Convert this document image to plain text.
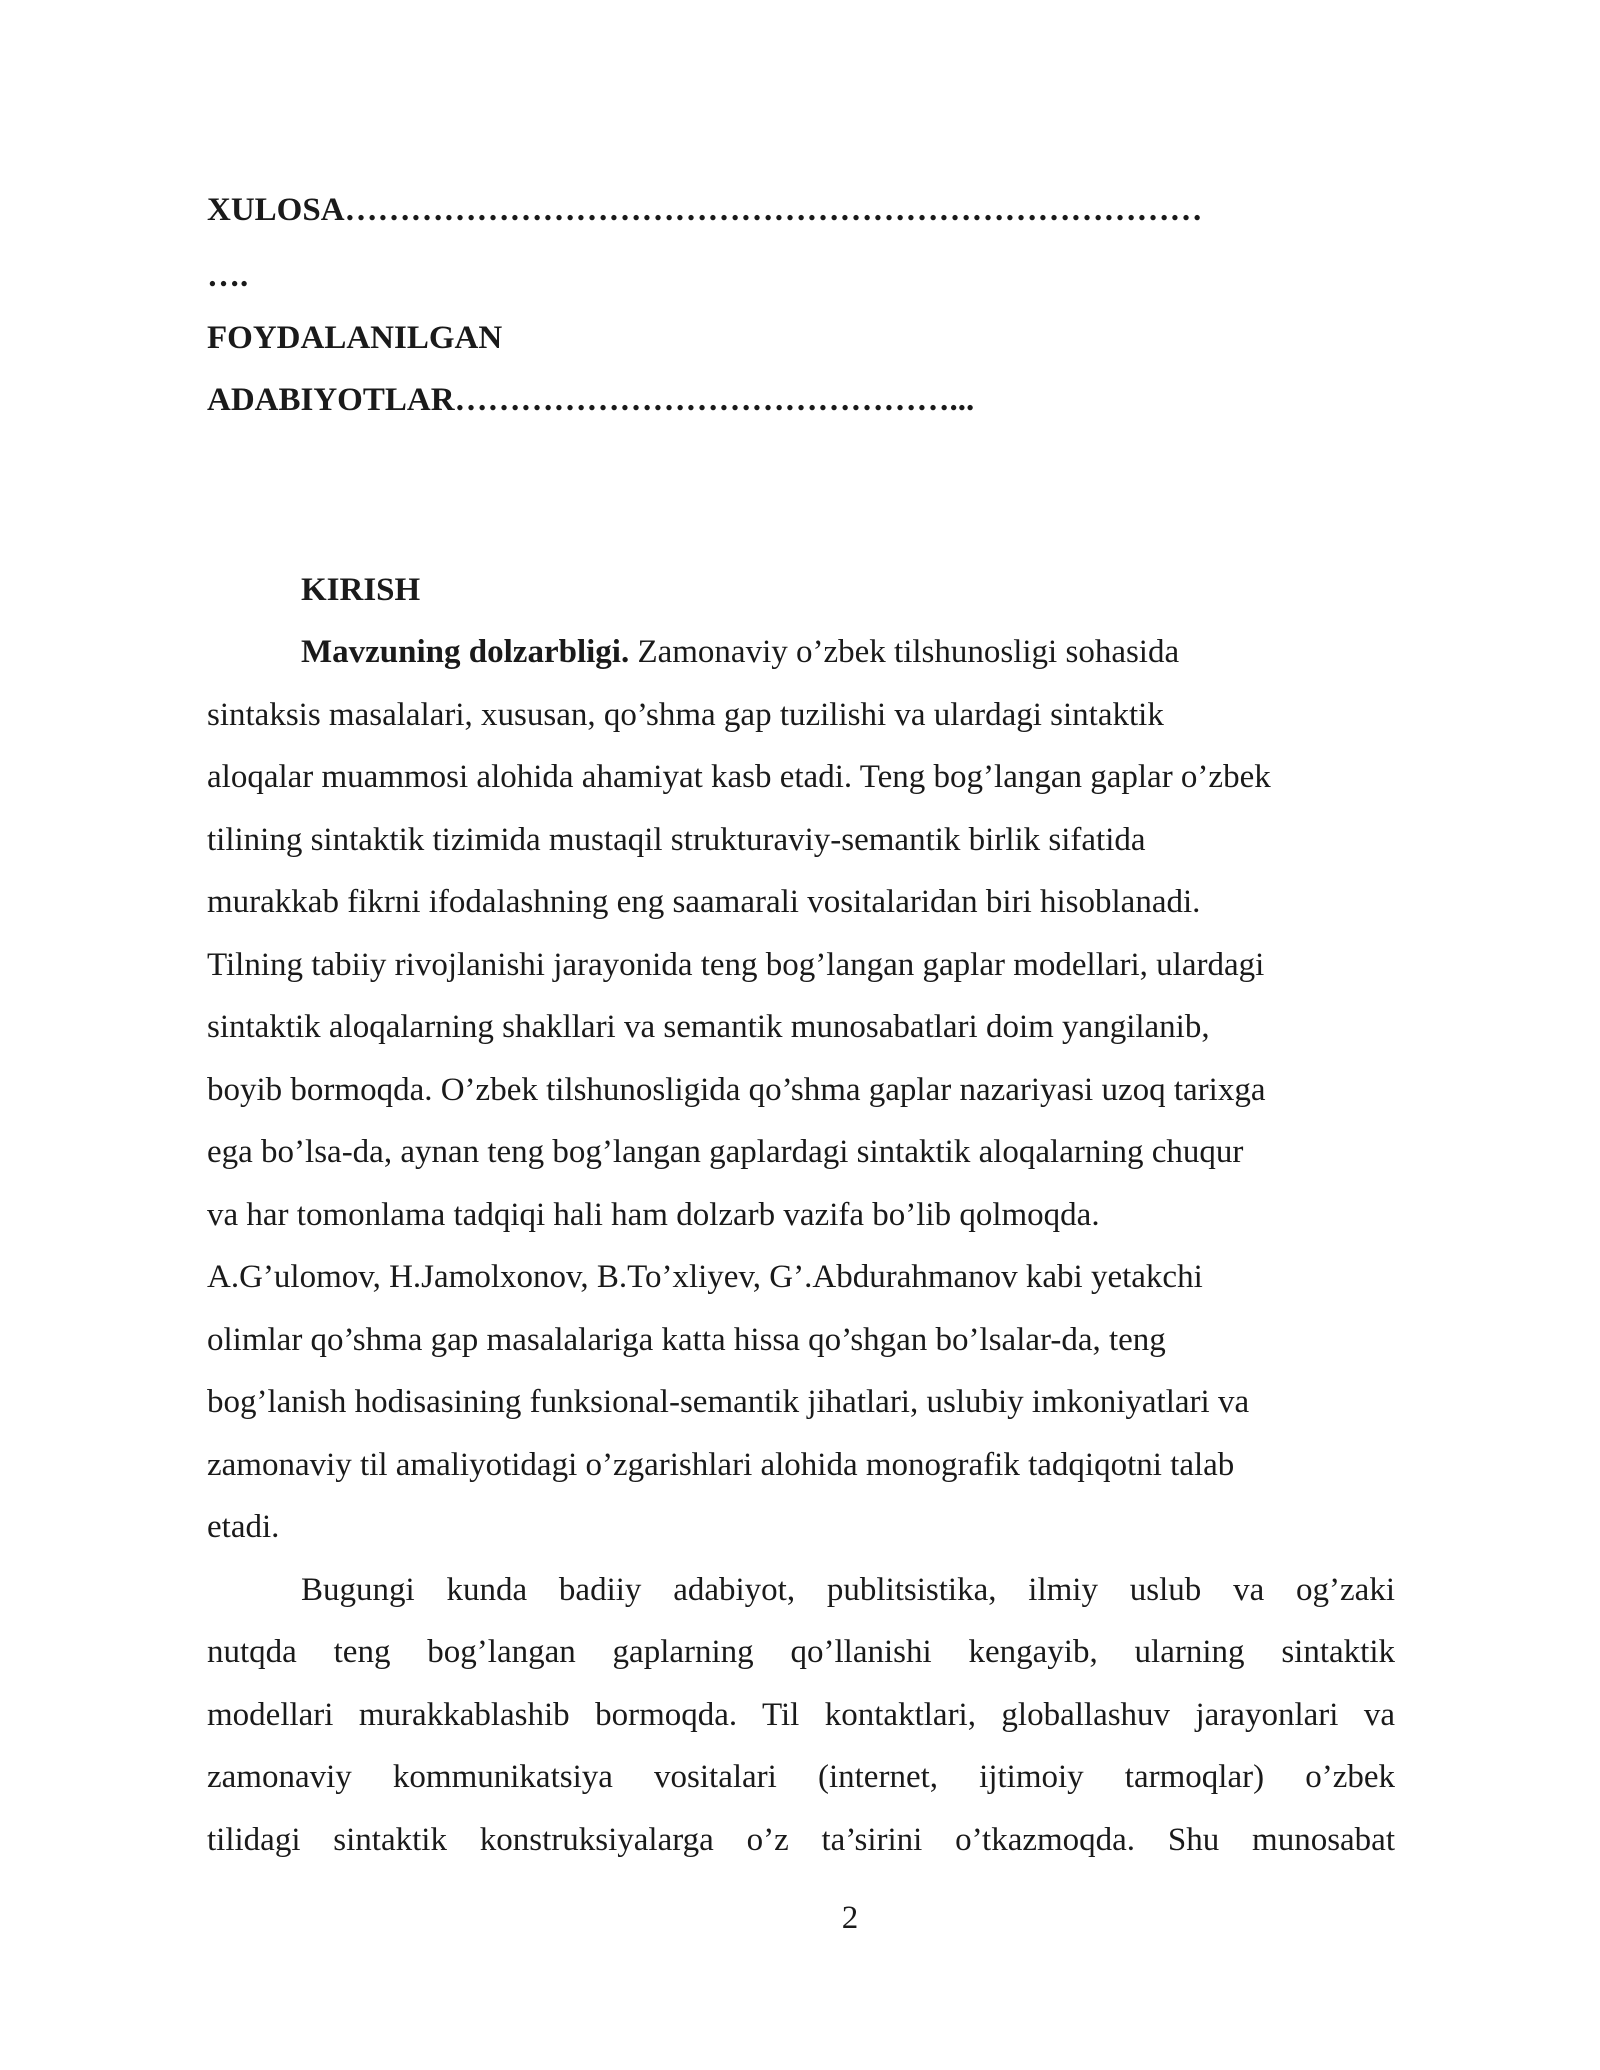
XULOSA……………………………………………………………………
….
FOYDALANILGAN
ADABIYOTLAR………………………………………...
KIRISH
Mavzuning dolzarbligi. Zamonaviy o’zbek tilshunosligi sohasida
sintaksis masalalari, xususan, qo’shma gap tuzilishi va ulardagi sintaktik
aloqalar muammosi alohida ahamiyat kasb etadi. Teng bog’langan gaplar o’zbek
tilining sintaktik tizimida mustaqil strukturaviy-semantik birlik sifatida
murakkab fikrni ifodalashning eng saamarali vositalaridan biri hisoblanadi.
Tilning tabiiy rivojlanishi jarayonida teng bog’langan gaplar modellari, ulardagi
sintaktik aloqalarning shakllari va semantik munosabatlari doim yangilanib,
boyib bormoqda. O’zbek tilshunosligida qo’shma gaplar nazariyasi uzoq tarixga
ega bo’lsa-da, aynan teng bog’langan gaplardagi sintaktik aloqalarning chuqur
va har tomonlama tadqiqi hali ham dolzarb vazifa bo’lib qolmoqda.
A.G’ulomov, H.Jamolxonov, B.To’xliyev, G’.Abdurahmanov kabi yetakchi
olimlar qo’shma gap masalalariga katta hissa qo’shgan bo’lsalar-da, teng
bog’lanish hodisasining funksional-semantik jihatlari, uslubiy imkoniyatlari va
zamonaviy til amaliyotidagi o’zgarishlari alohida monografik tadqiqotni talab
etadi.
Bugungi kunda badiiy adabiyot, publitsistika, ilmiy uslub va og’zaki
nutqda teng bog’langan gaplarning qo’llanishi kengayib, ularning sintaktik
modellari murakkablashib bormoqda. Til kontaktlari, globallashuv jarayonlari va
zamonaviy kommunikatsiya vositalari (internet, ijtimoiy tarmoqlar) o’zbek
tilidagi sintaktik konstruksiyalarga o’z ta’sirini o’tkazmoqda. Shu munosabat
2
